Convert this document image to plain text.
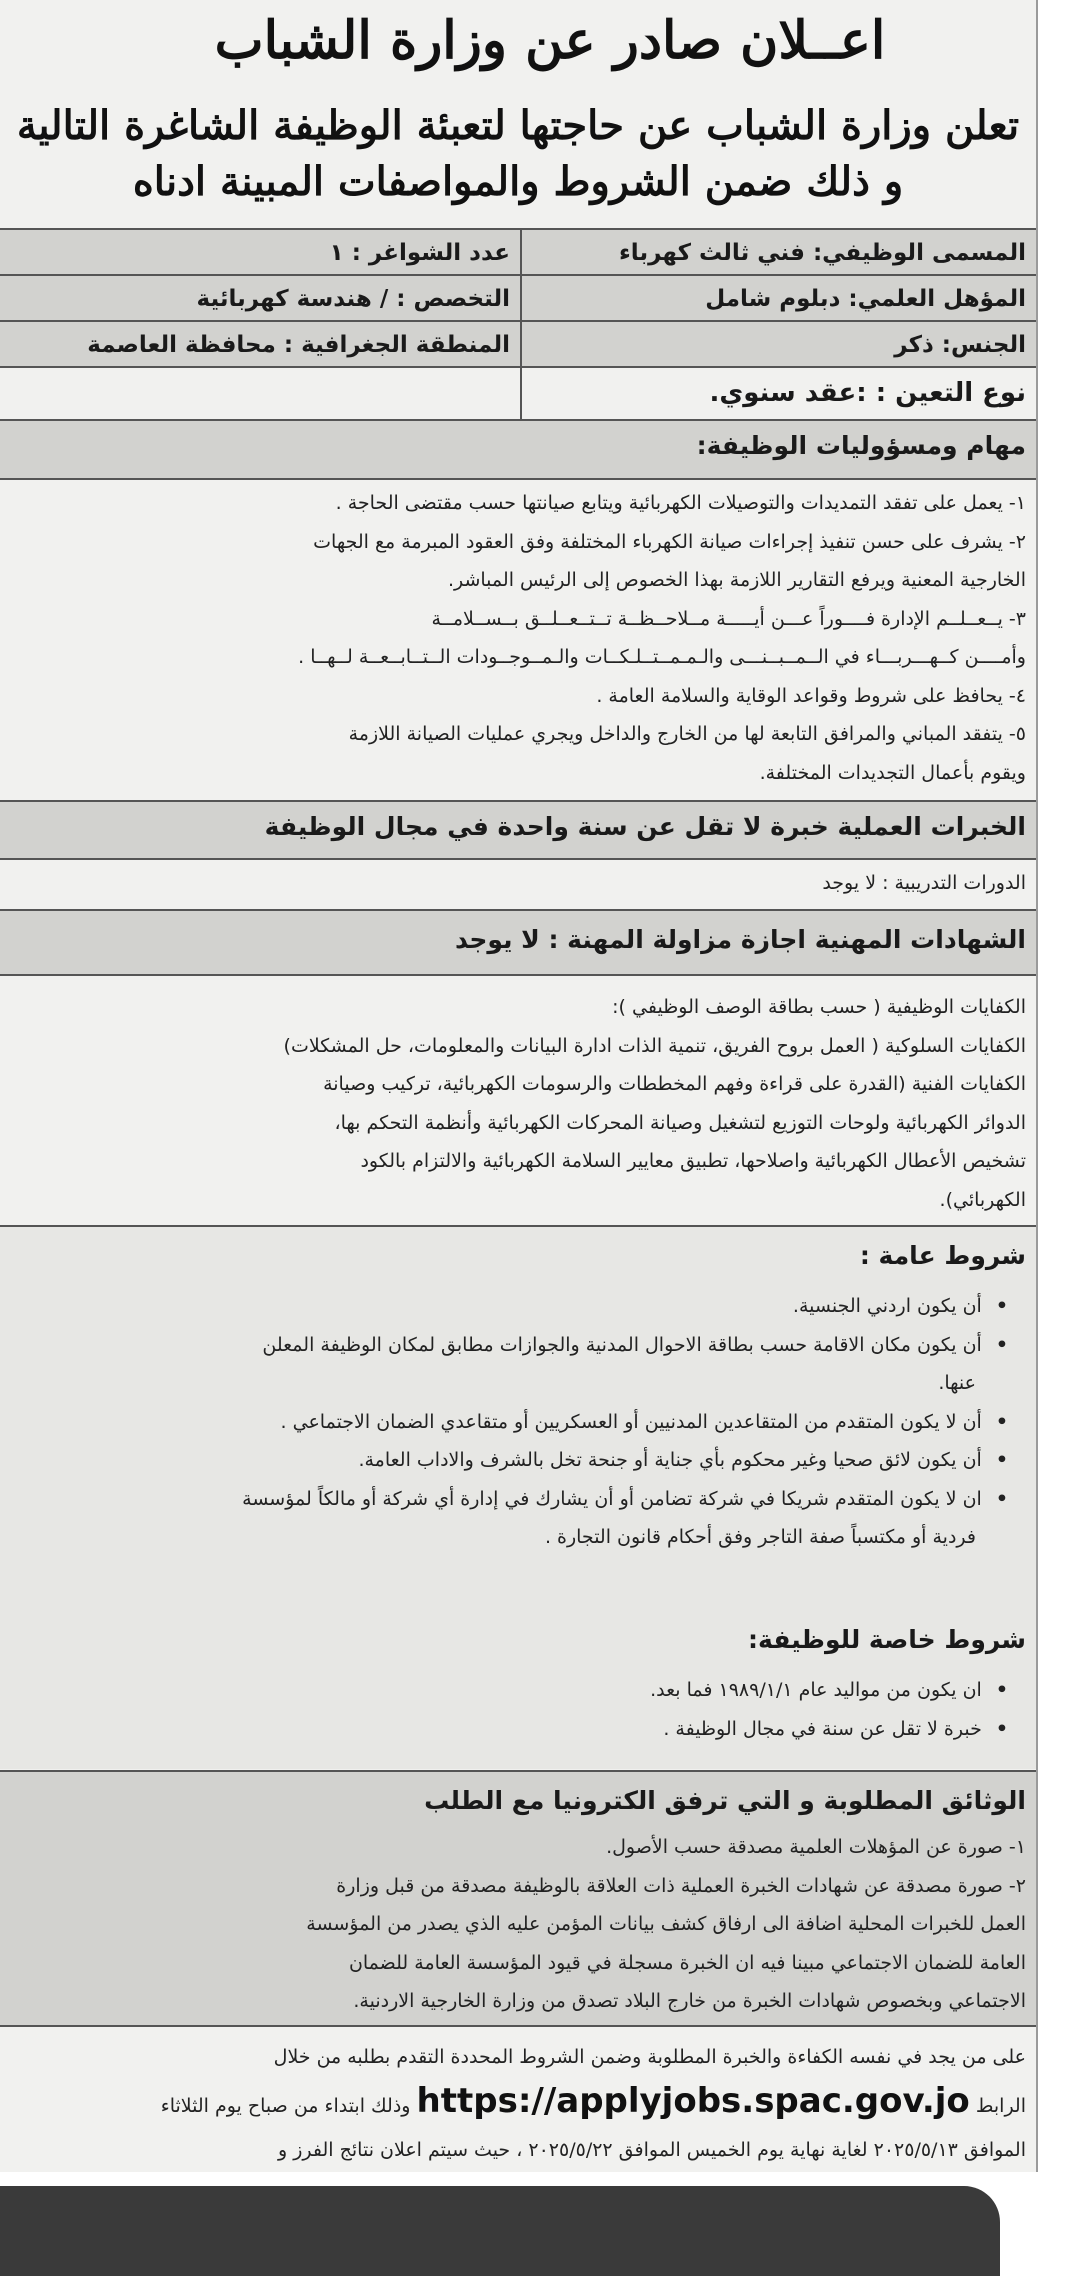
اعــلان صادر عن وزارة الشباب
تعلن وزارة الشباب عن حاجتها لتعبئة الوظيفة الشاغرة التالية
و ذلك ضمن الشروط والمواصفات المبينة ادناه
المسمى الوظيفي: فني ثالث كهرباء
عدد الشواغر : ١
المؤهل العلمي: دبلوم شامل
التخصص : / هندسة كهربائية
الجنس: ذكر
المنطقة الجغرافية : محافظة العاصمة
نوع التعين : :عقد سنوي.
مهام ومسؤوليات الوظيفة:
١- يعمل على تفقد التمديدات والتوصيلات الكهربائية ويتابع صيانتها حسب مقتضى الحاجة .
٢- يشرف على حسن تنفيذ إجراءات صيانة الكهرباء المختلفة وفق العقود المبرمة مع الجهات
الخارجية المعنية ويرفع التقارير اللازمة بهذا الخصوص إلى الرئيس المباشر.
٣- يــعــلــم الإدارة فــــوراً عـــن أيـــــة مــلاحــظــة تــتــعــلــق بــســلامــة
وأمــــن كــهـــربـــاء في الــمــبــنـــى والـمـمــتــلـكــات والـمــوجــودات الــتــابــعــة لــهــا .
٤- يحافظ على شروط وقواعد الوقاية والسلامة العامة .
٥- يتفقد المباني والمرافق التابعة لها من الخارج والداخل ويجري عمليات الصيانة اللازمة
ويقوم بأعمال التجديدات المختلفة.
الخبرات العملية خبرة لا تقل عن سنة واحدة في مجال الوظيفة
الدورات التدريبية : لا يوجد
الشهادات المهنية اجازة مزاولة المهنة : لا يوجد
الكفايات الوظيفية ( حسب بطاقة الوصف الوظيفي ):
الكفايات السلوكية ( العمل بروح الفريق، تنمية الذات ادارة البيانات والمعلومات، حل المشكلات)
الكفايات الفنية (القدرة على قراءة وفهم المخططات والرسومات الكهربائية، تركيب وصيانة
الدوائر الكهربائية ولوحات التوزيع لتشغيل وصيانة المحركات الكهربائية وأنظمة التحكم بها،
تشخيص الأعطال الكهربائية واصلاحها، تطبيق معايير السلامة الكهربائية والالتزام بالكود
الكهربائي).
شروط عامة :
• أن يكون اردني الجنسية.
• أن يكون مكان الاقامة حسب بطاقة الاحوال المدنية والجوازات مطابق لمكان الوظيفة المعلن
عنها.
• أن لا يكون المتقدم من المتقاعدين المدنيين أو العسكريين أو متقاعدي الضمان الاجتماعي .
• أن يكون لائق صحيا وغير محكوم بأي جناية أو جنحة تخل بالشرف والاداب العامة.
• ان لا يكون المتقدم شريكا في شركة تضامن أو أن يشارك في إدارة أي شركة أو مالكاً لمؤسسة
فردية أو مكتسباً صفة التاجر وفق أحكام قانون التجارة .
شروط خاصة للوظيفة:
• ان يكون من مواليد عام ١٩٨٩/١/١ فما بعد.
• خبرة لا تقل عن سنة في مجال الوظيفة .
الوثائق المطلوبة و التي ترفق الكترونيا مع الطلب
١- صورة عن المؤهلات العلمية مصدقة حسب الأصول.
٢- صورة مصدقة عن شهادات الخبرة العملية ذات العلاقة بالوظيفة مصدقة من قبل وزارة
العمل للخبرات المحلية اضافة الى ارفاق كشف بيانات المؤمن عليه الذي يصدر من المؤسسة
العامة للضمان الاجتماعي مبينا فيه ان الخبرة مسجلة في قيود المؤسسة العامة للضمان
الاجتماعي وبخصوص شهادات الخبرة من خارج البلاد تصدق من وزارة الخارجية الاردنية.
على من يجد في نفسه الكفاءة والخبرة المطلوبة وضمن الشروط المحددة التقدم بطلبه من خلال
الرابط https://applyjobs.spac.gov.jo وذلك ابتداء من صباح يوم الثلاثاء
الموافق ٢٠٢٥/٥/١٣ لغاية نهاية يوم الخميس الموافق ٢٠٢٥/٥/٢٢ ، حيث سيتم اعلان نتائج الفرز و
